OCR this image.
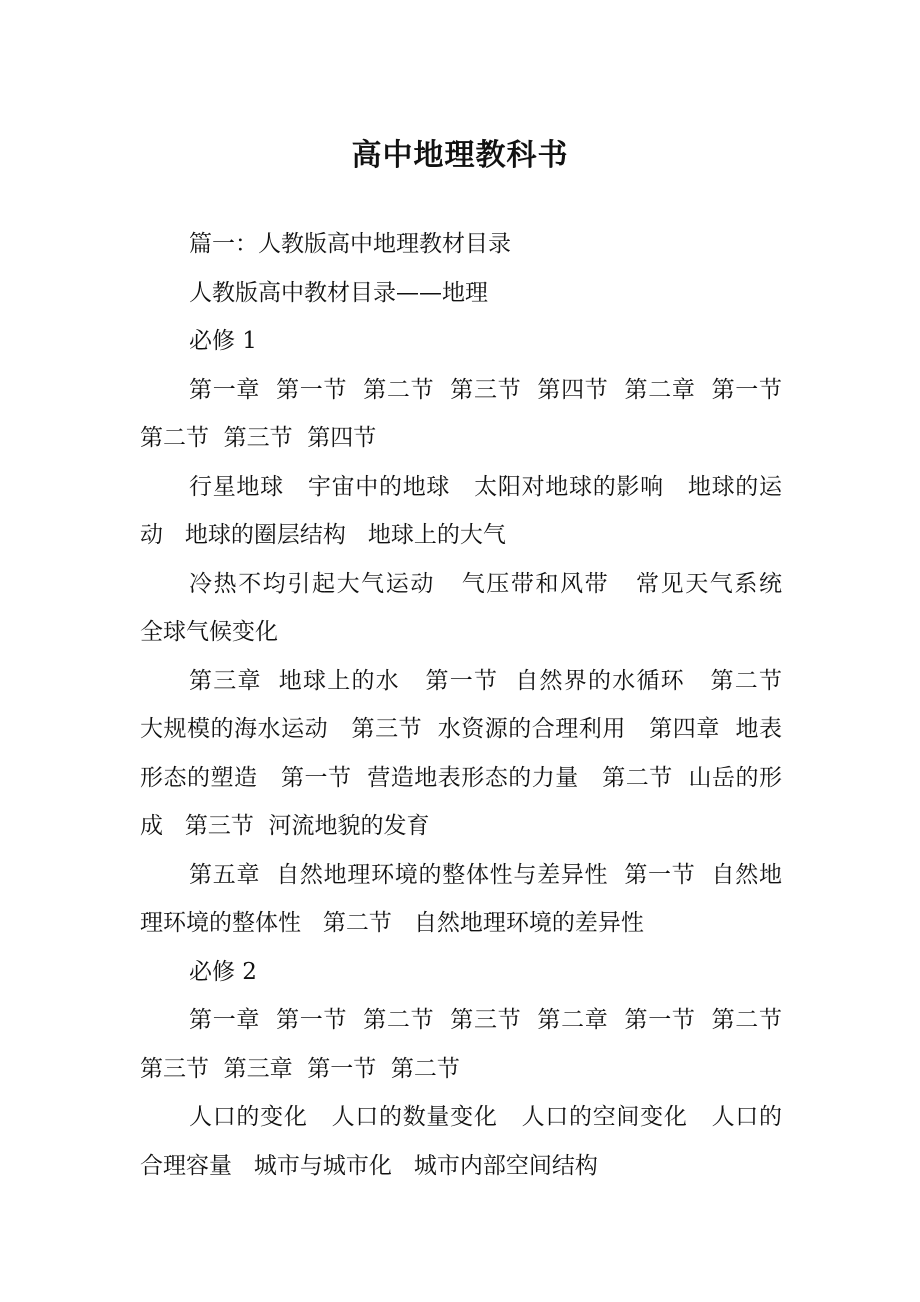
高中地理教科书

篇一：人教版高中地理教材目录

人教版高中教材目录——地理

必修 1

第一章  第一节  第二节  第三节  第四节  第二章  第一节  第二节  第三节  第四节

行星地球   宇宙中的地球   太阳对地球的影响   地球的运动   地球的圈层结构   地球上的大气

冷热不均引起大气运动   气压带和风带   常见天气系统   全球气候变化

第三章  地球上的水   第一节  自然界的水循环   第二节  大规模的海水运动   第三节  水资源的合理利用   第四章  地表形态的塑造   第一节  营造地表形态的力量   第二节  山岳的形成   第三节  河流地貌的发育

第五章  自然地理环境的整体性与差异性  第一节  自然地理环境的整体性   第二节   自然地理环境的差异性

必修 2

第一章  第一节  第二节  第三节  第二章  第一节  第二节  第三节  第三章  第一节  第二节

人口的变化   人口的数量变化   人口的空间变化   人口的合理容量   城市与城市化   城市内部空间结构
